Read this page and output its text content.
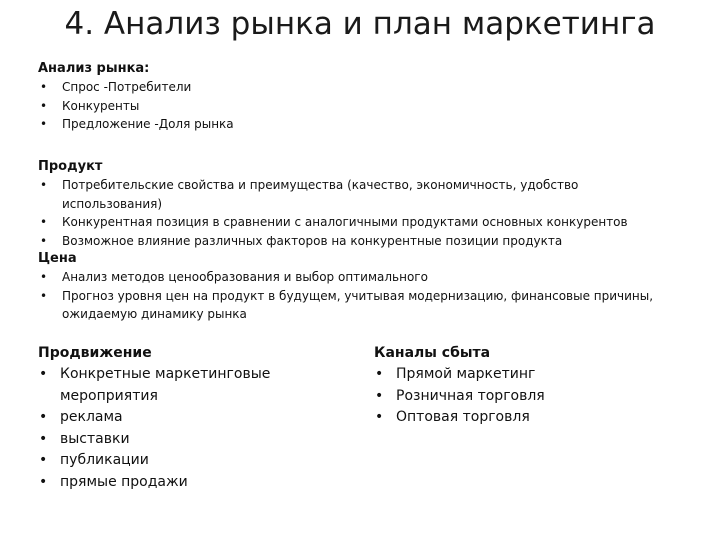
4. Анализ рынка и план маркетинга

Анализ рынка:

• Спрос -Потребители
• Конкуренты
• Предложение -Доля рынка

Продукт

• Потребительские свойства и преимущества (качество, экономичность, удобство использования)
• Конкурентная позиция в сравнении с аналогичными продуктами основных конкурентов
• Возможное влияние различных факторов на конкурентные позиции продукта

Цена

• Анализ методов ценообразования и выбор оптимального
• Прогноз уровня цен на продукт в будущем, учитывая модернизацию, финансовые причины, ожидаемую динамику рынка

Продвижение

• Конкретные маркетинговые мероприятия
• реклама
• выставки
• публикации
• прямые продажи

Каналы сбыта

• Прямой маркетинг
• Розничная торговля
• Оптовая торговля
